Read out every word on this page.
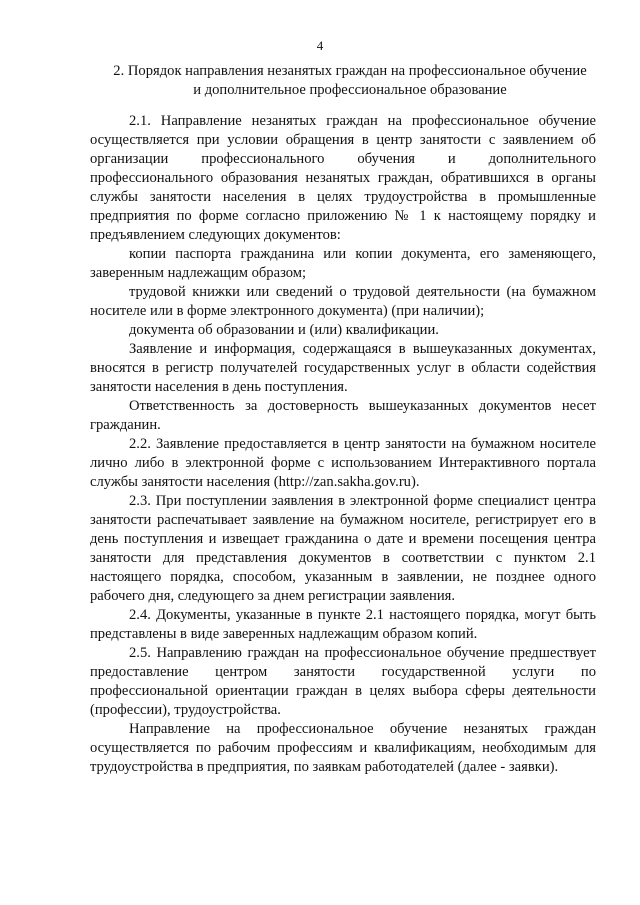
4
2. Порядок направления незанятых граждан на профессиональное обучение
и дополнительное профессиональное образование

2.1. Направление незанятых граждан на профессиональное обучение осуществляется при условии обращения в центр занятости с заявлением об организации профессионального обучения и дополнительного профессионального образования незанятых граждан, обратившихся в органы службы занятости населения в целях трудоустройства в промышленные предприятия по форме согласно приложению № 1 к настоящему порядку и предъявлением следующих документов:

копии паспорта гражданина или копии документа, его заменяющего, заверенным надлежащим образом;

трудовой книжки или сведений о трудовой деятельности (на бумажном носителе или в форме электронного документа) (при наличии);

документа об образовании и (или) квалификации.

Заявление и информация, содержащаяся в вышеуказанных документах, вносятся в регистр получателей государственных услуг в области содействия занятости населения в день поступления.

Ответственность за достоверность вышеуказанных документов несет гражданин.

2.2. Заявление предоставляется в центр занятости на бумажном носителе лично либо в электронной форме с использованием Интерактивного портала службы занятости населения (http://zan.sakha.gov.ru).

2.3. При поступлении заявления в электронной форме специалист центра занятости распечатывает заявление на бумажном носителе, регистрирует его в день поступления и извещает гражданина о дате и времени посещения центра занятости для представления документов в соответствии с пунктом 2.1 настоящего порядка, способом, указанным в заявлении, не позднее одного рабочего дня, следующего за днем регистрации заявления.

2.4. Документы, указанные в пункте 2.1 настоящего порядка, могут быть представлены в виде заверенных надлежащим образом копий.

2.5. Направлению граждан на профессиональное обучение предшествует предоставление центром занятости государственной услуги по профессиональной ориентации граждан в целях выбора сферы деятельности (профессии), трудоустройства.

Направление на профессиональное обучение незанятых граждан осуществляется по рабочим профессиям и квалификациям, необходимым для трудоустройства в предприятия, по заявкам работодателей (далее - заявки).
